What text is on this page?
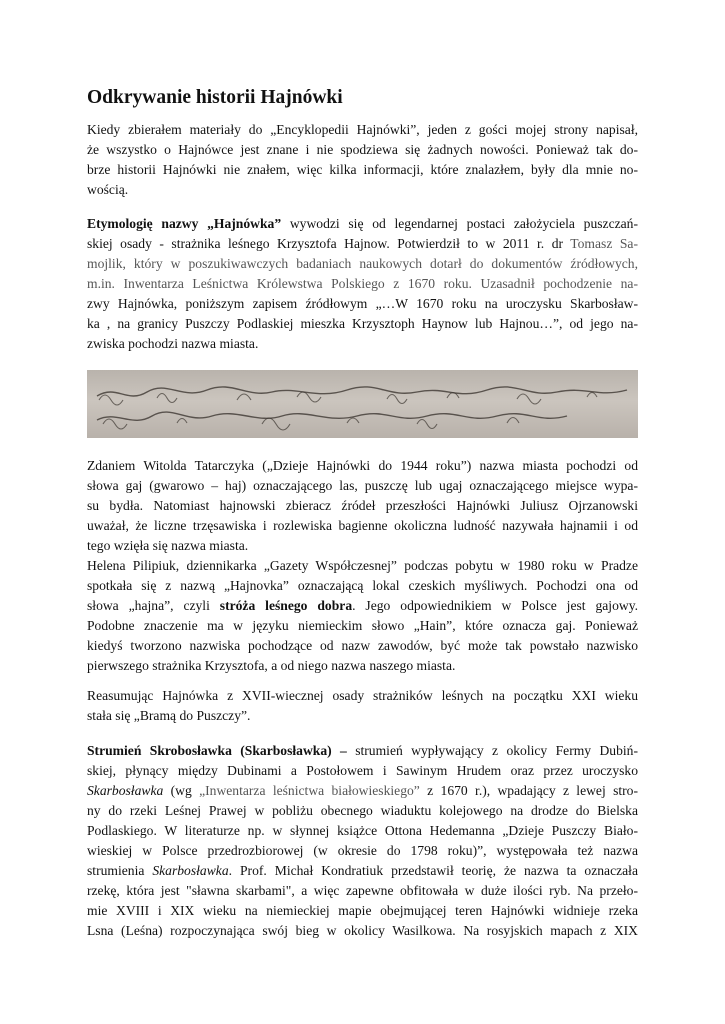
Odkrywanie historii Hajnówki
Kiedy zbierałem materiały do „Encyklopedii Hajnówki”, jeden z gości mojej strony napisał,
że wszystko o Hajnówce jest znane i nie spodziewa się żadnych nowości. Ponieważ tak do-
brze historii Hajnówki nie znałem, więc kilka informacji, które znalazłem, były dla mnie no-
wością.
Etymologię nazwy „Hajnówka” wywodzi się od legendarnej postaci założyciela puszczań-
skiej osady - strażnika leśnego Krzysztofa Hajnow. Potwierdził to w 2011 r. dr Tomasz Sa-
mojlik, który w poszukiwawczych badaniach naukowych dotarł do dokumentów źródłowych,
m.in. Inwentarza Leśnictwa Królewstwa Polskiego z 1670 roku. Uzasadnił pochodzenie na-
zwy Hajnówka, poniższym zapisem źródłowym „…W 1670 roku na uroczysku Skarbosław-
ka , na granicy Puszczy Podlaskiej mieszka Krzysztoph Haynow lub Hajnou…”, od jego na-
zwiska pochodzi nazwa miasta.
Zdaniem Witolda Tatarczyka („Dzieje Hajnówki do 1944 roku”) nazwa miasta pochodzi od
słowa gaj (gwarowo – haj) oznaczającego las, puszczę lub ugaj oznaczającego miejsce wypa-
su bydła. Natomiast hajnowski zbieracz źródeł przeszłości Hajnówki Juliusz Ojrzanowski
uważał, że liczne trzęsawiska i rozlewiska bagienne okoliczna ludność nazywała hajnamii i od
tego wzięła się nazwa miasta.
Helena Pilipiuk, dziennikarka „Gazety Współczesnej” podczas pobytu w 1980 roku w Pradze
spotkała się z nazwą „Hajnovka” oznaczającą lokal czeskich myśliwych. Pochodzi ona od
słowa „hajna”, czyli stróża leśnego dobra. Jego odpowiednikiem w Polsce jest gajowy.
Podobne znaczenie ma w języku niemieckim słowo „Hain”, które oznacza gaj. Ponieważ
kiedyś tworzono nazwiska pochodzące od nazw zawodów, być może tak powstało nazwisko
pierwszego strażnika Krzysztofa, a od niego nazwa naszego miasta.
Reasumując Hajnówka z XVII-wiecznej osady strażników leśnych na początku XXI wieku
stała się „Bramą do Puszczy”.
Strumień Skrobosławka (Skarbosławka) – strumień wypływający z okolicy Fermy Dubiń-
skiej, płynący między Dubinami a Postołowem i Sawinym Hrudem oraz przez uroczysko
Skarbosławka (wg „Inwentarza leśnictwa białowieskiego” z 1670 r.), wpadający z lewej stro-
ny do rzeki Leśnej Prawej w pobliżu obecnego wiaduktu kolejowego na drodze do Bielska
Podlaskiego. W literaturze np. w słynnej książce Ottona Hedemanna „Dzieje Puszczy Biało-
wieskiej w Polsce przedrozbiorowej (w okresie do 1798 roku)”, występowała też nazwa
strumienia Skarbosławka. Prof. Michał Kondratiuk przedstawił teorię, że nazwa ta oznaczała
rzekę, która jest "sławna skarbami", a więc zapewne obfitowała w duże ilości ryb. Na przeło-
mie XVIII i XIX wieku na niemieckiej mapie obejmującej teren Hajnówki widnieje rzeka
Lsna (Leśna) rozpoczynająca swój bieg w okolicy Wasilkowa. Na rosyjskich mapach z XIX
